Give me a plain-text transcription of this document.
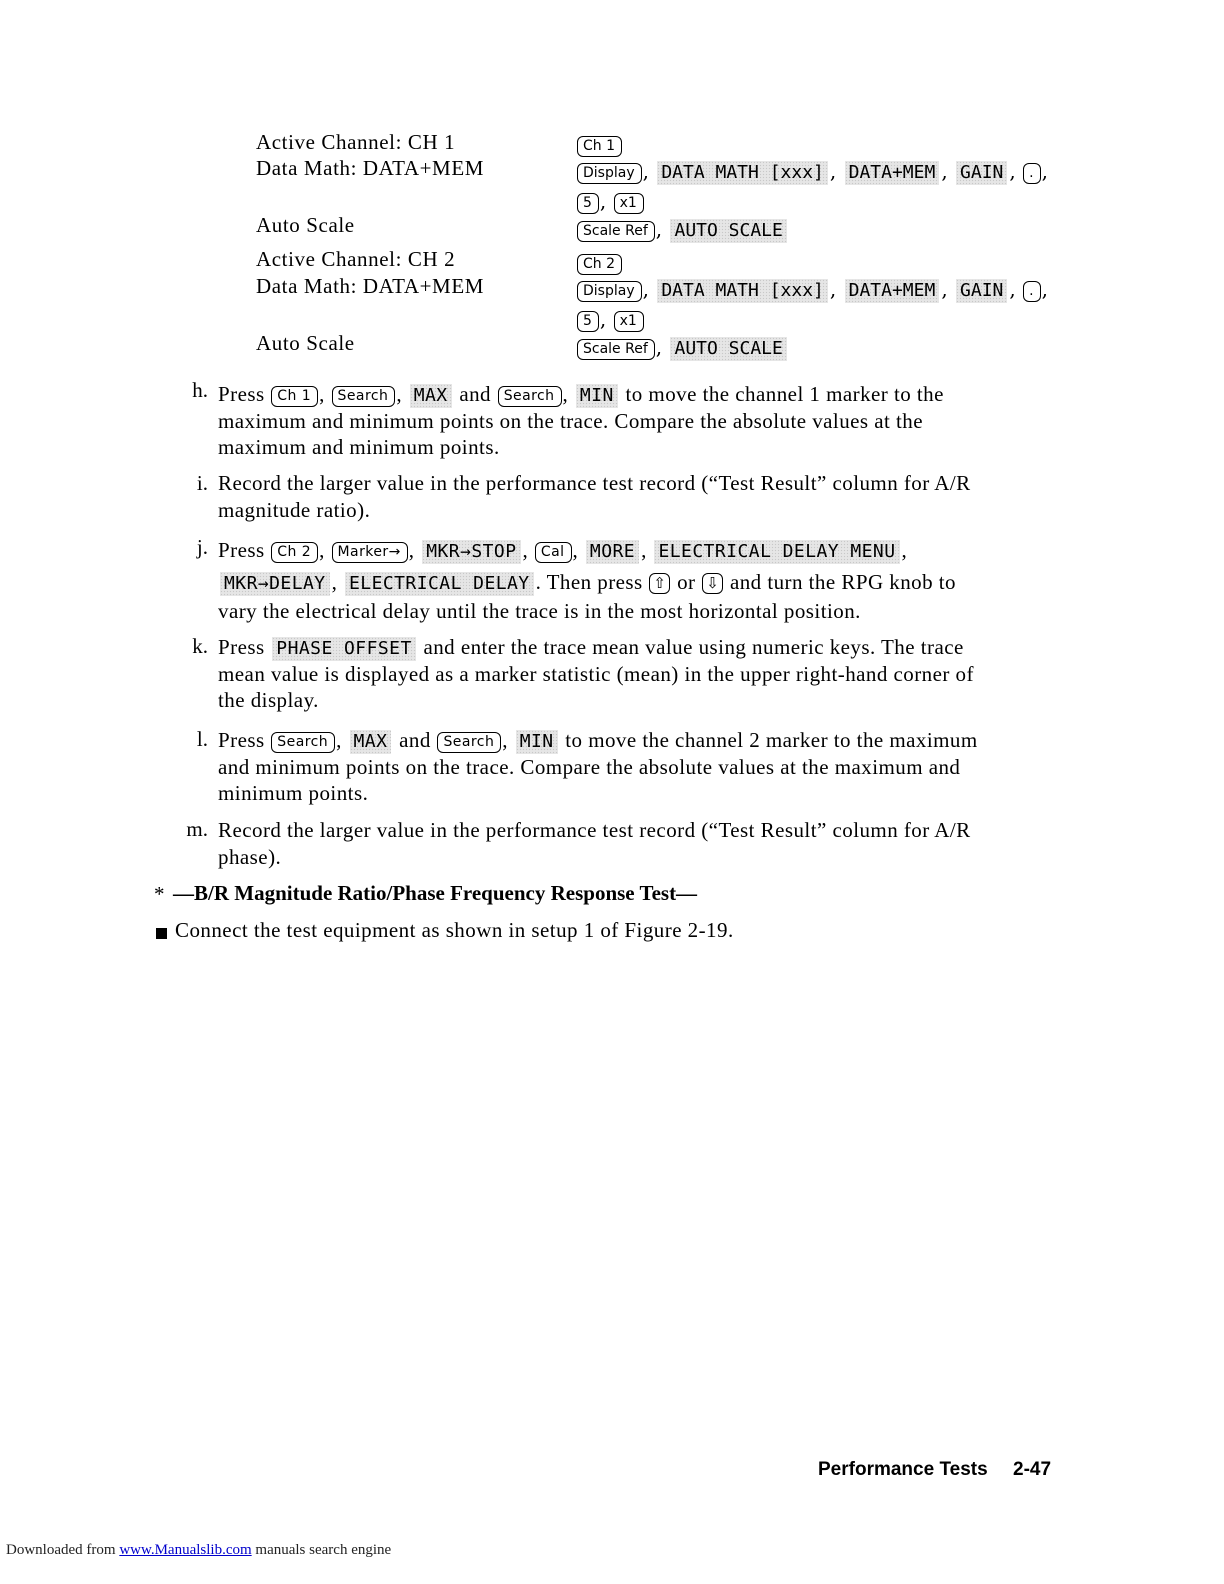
Active Channel: CH 1
Data Math: DATA+MEM
Auto Scale
Active Channel: CH 2
Data Math: DATA+MEM
Auto Scale
Ch 1
Display , DATA MATH [xxx] , DATA+MEM , GAIN , . ,
5 , x1
Scale Ref , AUTO SCALE
Ch 2
Display , DATA MATH [xxx] , DATA+MEM , GAIN , . ,
5 , x1
Scale Ref , AUTO SCALE
h. Press Ch 1 , Search , MAX and Search , MIN to move the channel 1 marker to the
maximum and minimum points on the trace. Compare the absolute values at the
maximum and minimum points.
i. Record the larger value in the performance test record (“Test Result” column for A/R
magnitude ratio).
j. Press Ch 2 , Marker→ , MKR→STOP , Cal , MORE , ELECTRICAL DELAY MENU ,
MKR→DELAY , ELECTRICAL DELAY . Then press ⇧ or ⇩ and turn the RPG knob to
vary the electrical delay until the trace is in the most horizontal position.
k. Press PHASE OFFSET and enter the trace mean value using numeric keys. The trace
mean value is displayed as a marker statistic (mean) in the upper right-hand corner of
the display.
l. Press Search , MAX and Search , MIN to move the channel 2 marker to the maximum
and minimum points on the trace. Compare the absolute values at the maximum and
minimum points.
m. Record the larger value in the performance test record (“Test Result” column for A/R
phase).
* —B/R Magnitude Ratio/Phase Frequency Response Test—
Connect the test equipment as shown in setup 1 of Figure 2-19.
Performance Tests 2-47
Downloaded from www.Manualslib.com manuals search engine
